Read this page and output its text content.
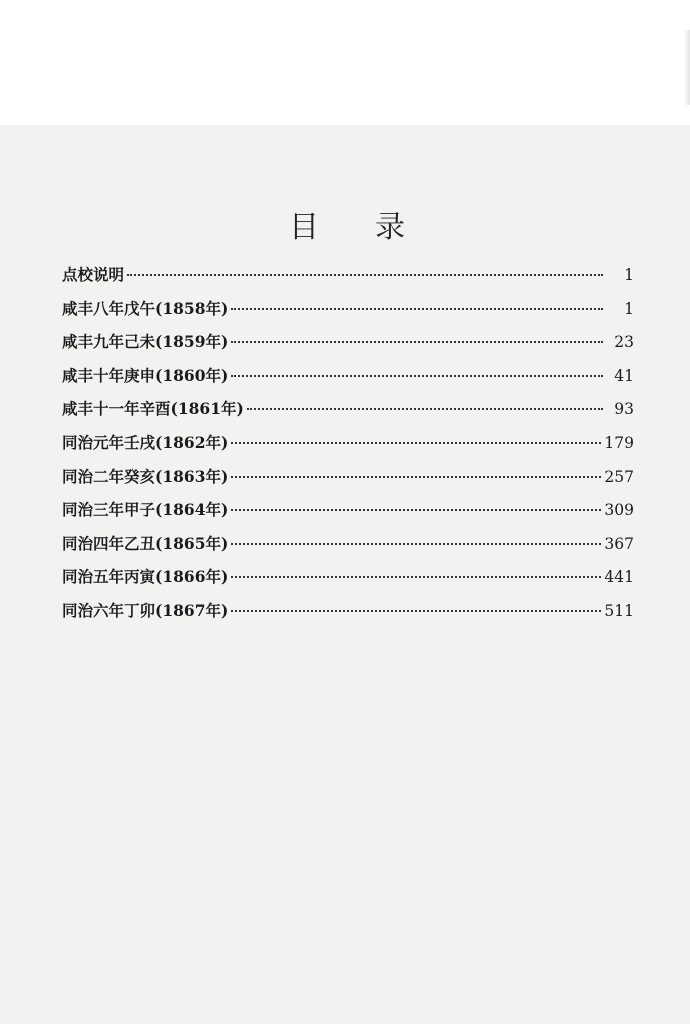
目录
点校说明	1
咸丰八年戊午(1858年)	1
咸丰九年己未(1859年)	23
咸丰十年庚申(1860年)	41
咸丰十一年辛酉(1861年)	93
同治元年壬戌(1862年)	179
同治二年癸亥(1863年)	257
同治三年甲子(1864年)	309
同治四年乙丑(1865年)	367
同治五年丙寅(1866年)	441
同治六年丁卯(1867年)	511
